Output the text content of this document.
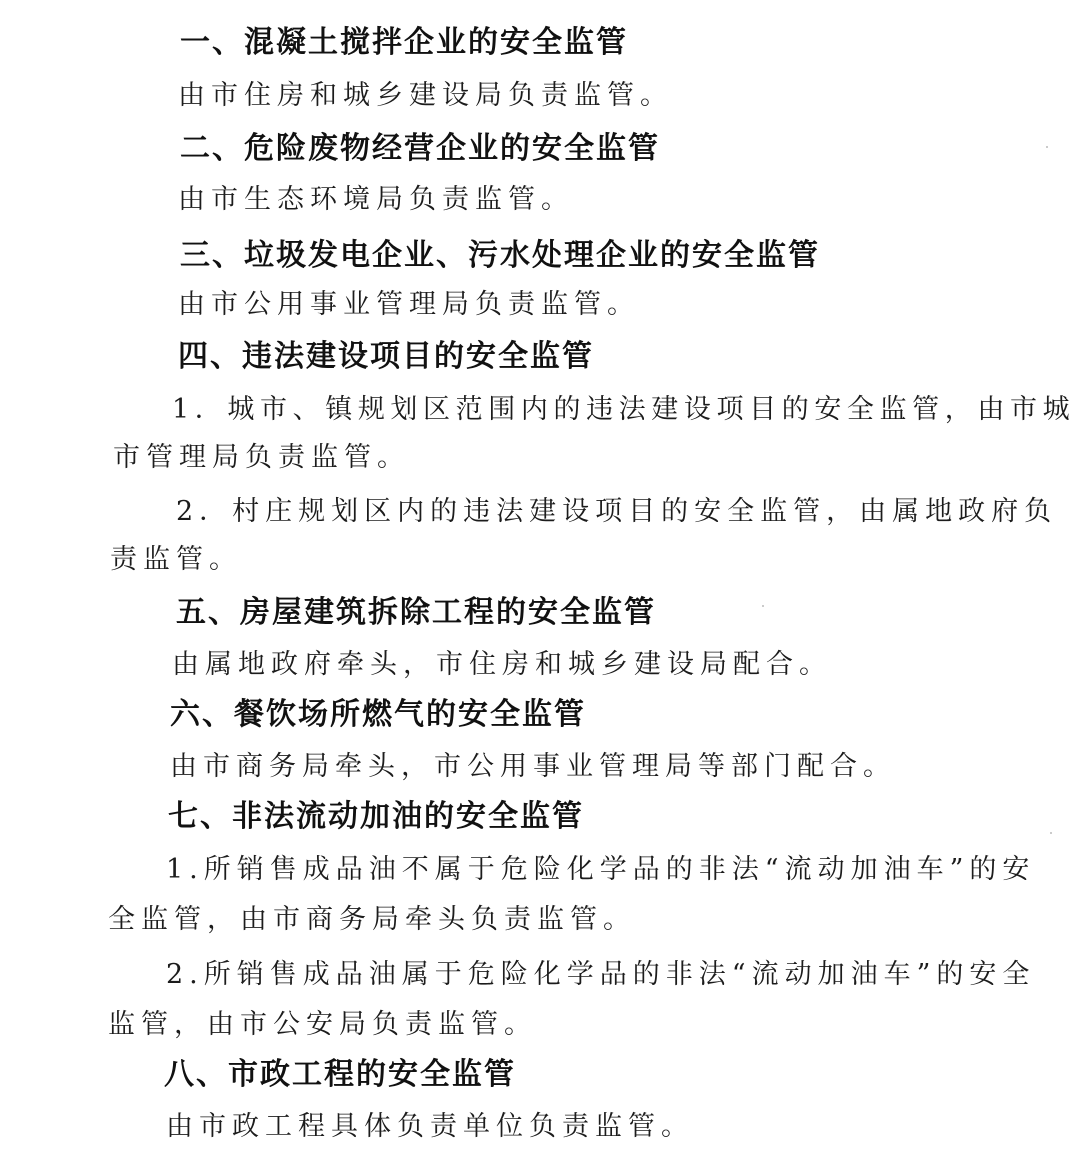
一、混凝土搅拌企业的安全监管
由市住房和城乡建设局负责监管。
二、危险废物经营企业的安全监管
由市生态环境局负责监管。
三、垃圾发电企业、污水处理企业的安全监管
由市公用事业管理局负责监管。
四、违法建设项目的安全监管
1．城市、镇规划区范围内的违法建设项目的安全监管，由市城
市管理局负责监管。
2．村庄规划区内的违法建设项目的安全监管，由属地政府负
责监管。
五、房屋建筑拆除工程的安全监管
由属地政府牵头，市住房和城乡建设局配合。
六、餐饮场所燃气的安全监管
由市商务局牵头，市公用事业管理局等部门配合。
七、非法流动加油的安全监管
1.所销售成品油不属于危险化学品的非法“流动加油车”的安
全监管，由市商务局牵头负责监管。
2.所销售成品油属于危险化学品的非法“流动加油车”的安全
监管，由市公安局负责监管。
八、市政工程的安全监管
由市政工程具体负责单位负责监管。
